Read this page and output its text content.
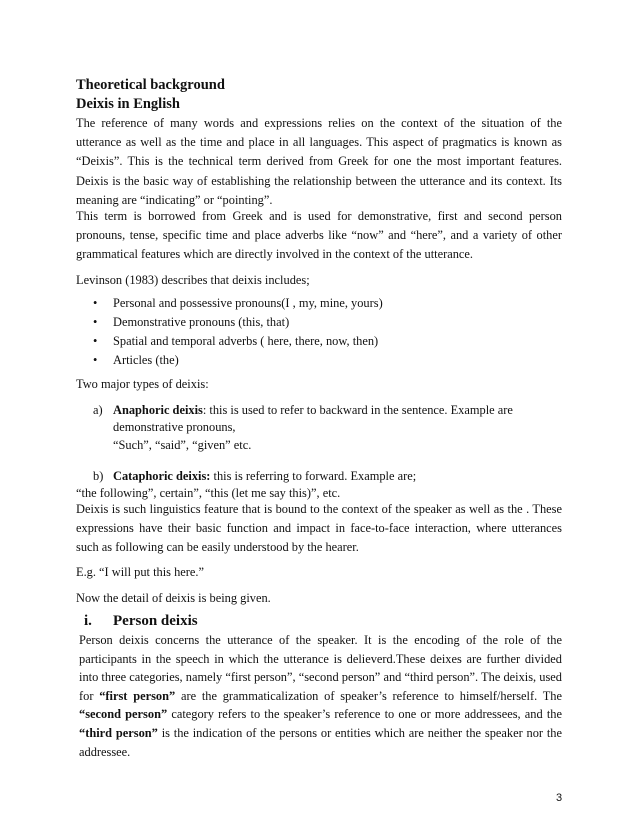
Theoretical background
Deixis in English

The reference of many words and expressions relies on the context of the situation of the utterance as well as the time and place in all languages. This aspect of pragmatics is known as “Deixis”. This is the technical term derived from Greek for one the most important features. Deixis is the basic way of establishing the relationship between the utterance and its context. Its meaning are “indicating” or “pointing”.

This term is borrowed from Greek and is used for demonstrative, first and second person pronouns, tense, specific time and place adverbs like “now” and “here”, and a variety of other grammatical features which are directly involved in the context of the utterance.

Levinson (1983) describes that deixis includes;

• Personal and possessive pronouns(I , my, mine, yours)
• Demonstrative pronouns (this, that)
• Spatial and temporal adverbs ( here, there, now, then)
• Articles (the)
Two major types of deixis:
a) Anaphoric deixis: this is used to refer to backward in the sentence. Example are
demonstrative pronouns,
“Such”, “said”, “given” etc.
b) Cataphoric deixis: this is referring to forward. Example are;
“the following”, certain”, “this (let me say this)”, etc.

Deixis is such linguistics feature that is bound to the context of the speaker as well as the . These expressions have their basic function and impact in face-to-face interaction, where utterances such as following can be easily understood by the hearer.

E.g. “I will put this here.”
Now the detail of deixis is being given.
i. Person deixis

Person deixis concerns the utterance of the speaker. It is the encoding of the role of the participants in the speech in which the utterance is delieverd.These deixes are further divided into three categories, namely “first person”, “second person” and “third person”. The deixis, used for “first person” are the grammaticalization of speaker’s reference to himself/herself. The “second person” category refers to the speaker’s reference to one or more addressees, and the “third person” is the indication of the persons or entities which are neither the speaker nor the addressee.

3
